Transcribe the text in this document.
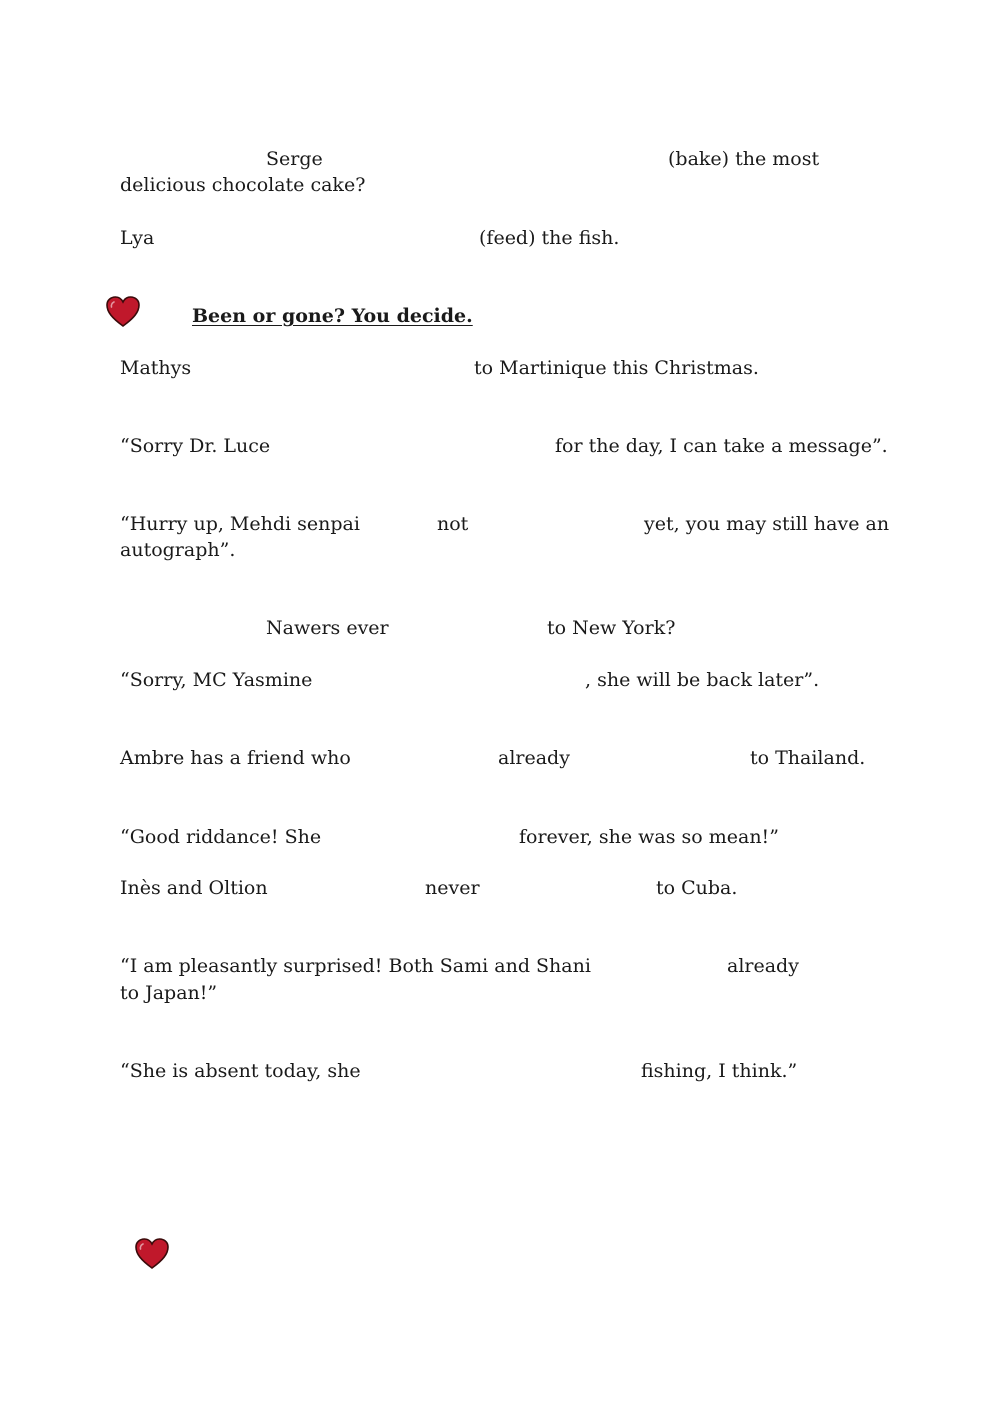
Serge	(bake) the most
delicious chocolate cake?
Lya	(feed) the fish.
Been or gone? You decide.
Mathys	to Martinique this Christmas.
“Sorry Dr. Luce	for the day, I can take a message”.
“Hurry up, Mehdi senpai	not	yet, you may still have an
autograph”.
Nawers ever	to New York?
“Sorry, MC Yasmine	, she will be back later”.
Ambre has a friend who	already	to Thailand.
“Good riddance! She	forever, she was so mean!”
Inès and Oltion	never	to Cuba.
“I am pleasantly surprised! Both Sami and Shani	already
to Japan!”
“She is absent today, she	fishing, I think.”
